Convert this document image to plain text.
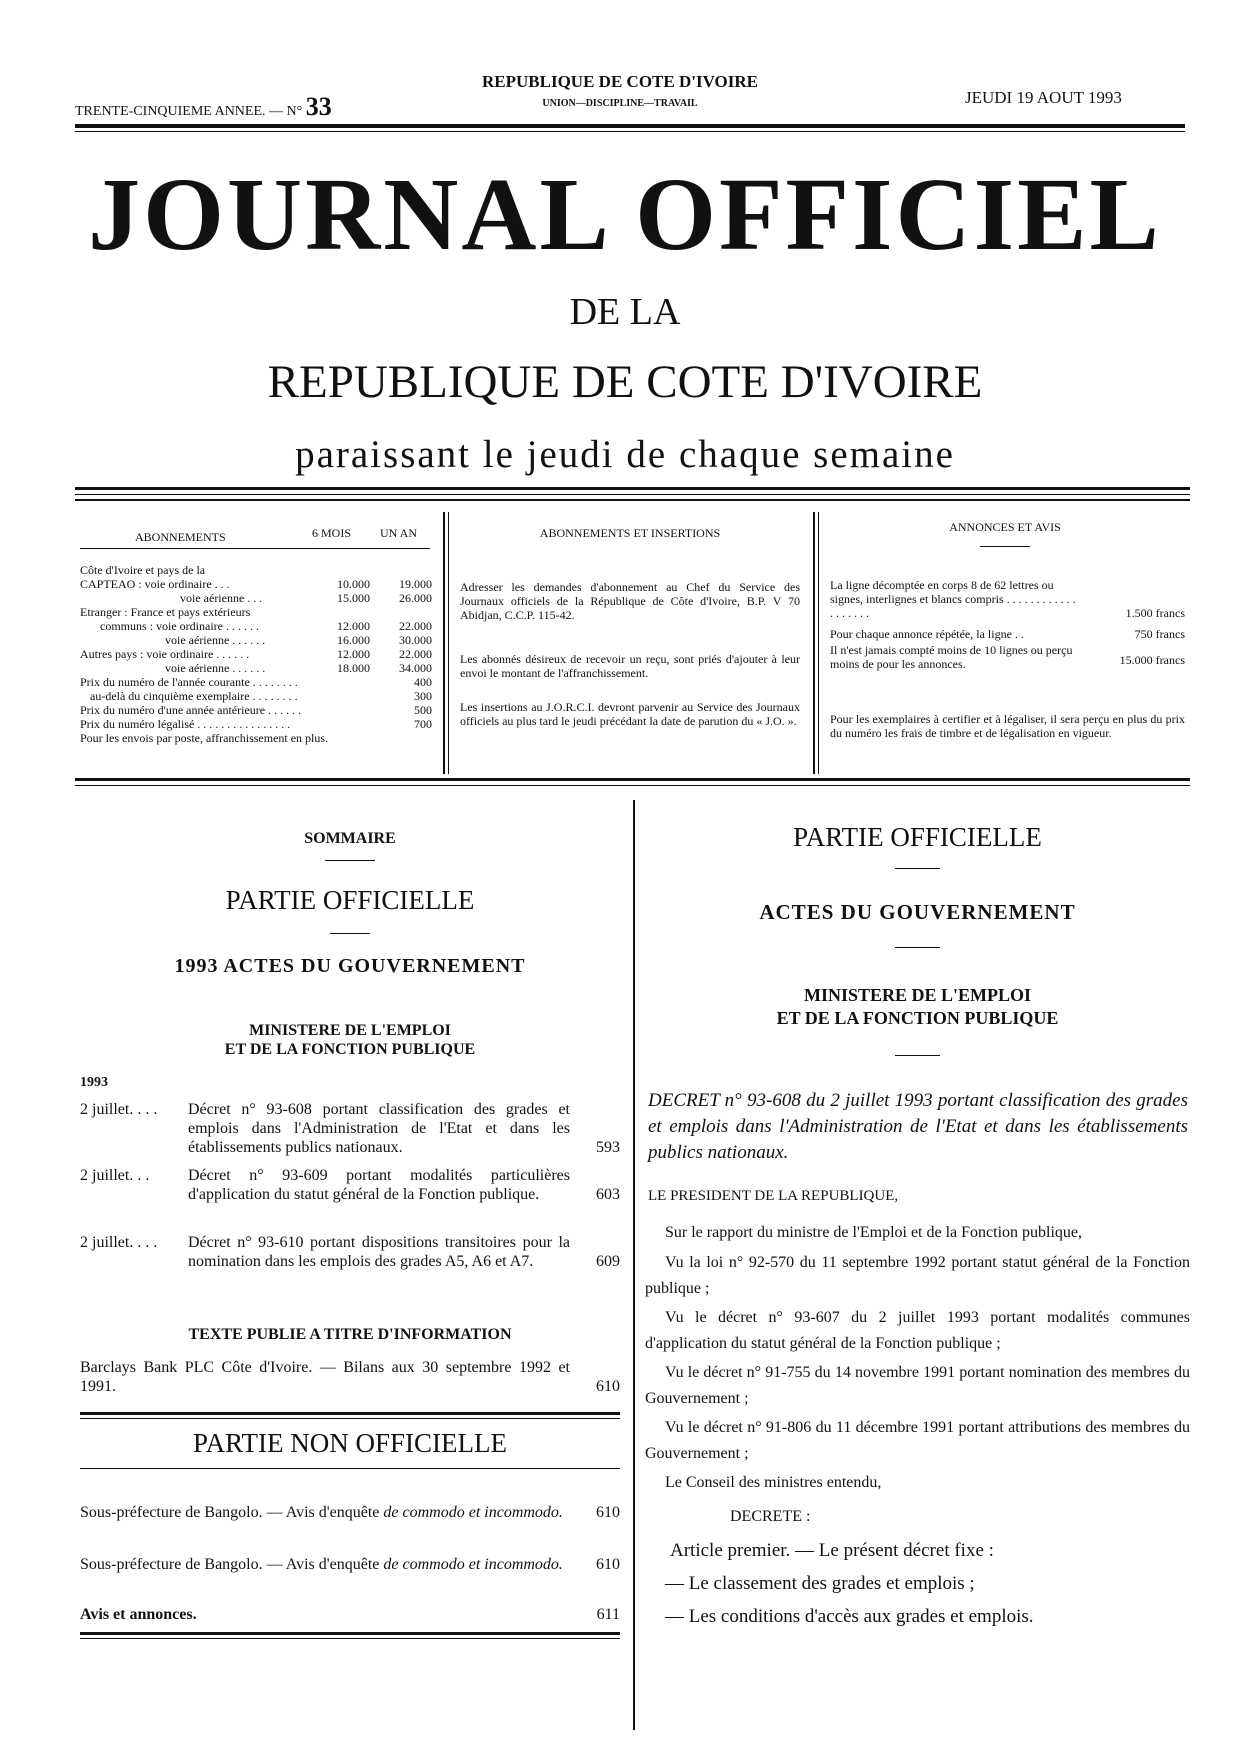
TRENTE-CINQUIEME ANNEE. — N° 33
REPUBLIQUE DE COTE D'IVOIRE
UNION—DISCIPLINE—TRAVAIL	JEUDI 19 AOUT 1993
JOURNAL OFFICIEL
DE LA
REPUBLIQUE DE COTE D'IVOIRE
paraissant le jeudi de chaque semaine
ABONNEMENTS	6 MOIS UN AN
Côte d'Ivoire et pays de la
CAPTEAO : voie ordinaire . . .	10.000	19.000
voie aérienne . . .	15.000	26.000
Etranger : France et pays extérieurs
communs : voie ordinaire . . . . . .	12.000	22.000
voie aérienne . . . . . .	16.000	30.000
Autres pays : voie ordinaire . . . . . .	12.000	22.000
voie aérienne . . . . . .	18.000	34.000
Prix du numéro de l'année courante . . . . . . . .	400
au-delà du cinquième exemplaire . . . . . . . .	300
Prix du numéro d'une année antérieure . . . . . .	500
Prix du numéro légalisé . . . . . . . . . . . . . . . .	700
Pour les envois par poste, affranchissement en plus.
ABONNEMENTS ET INSERTIONS
Adresser les demandes d'abonnement au Chef du Service des Journaux officiels de la République de Côte d'Ivoire, B.P. V 70 Abidjan, C.C.P. 115-42.
Les abonnés désireux de recevoir un reçu, sont priés d'ajouter à leur envoi le montant de l'affranchissement.
Les insertions au J.O.R.C.I. devront parvenir au Service des Journaux officiels au plus tard le jeudi précédant la date de parution du « J.O. ».
ANNONCES ET AVIS
La ligne décomptée en corps 8 de 62 lettres ou signes, interlignes et blancs compris . . . . . . . . . . . . . . . . . . .	1.500 francs
Pour chaque annonce répétée, la ligne . .	750 francs
Il n'est jamais compté moins de 10 lignes ou perçu moins de pour les annonces.	15.000 francs
Pour les exemplaires à certifier et à légaliser, il sera perçu en plus du prix du numéro les frais de timbre et de légalisation en vigueur.
SOMMAIRE
PARTIE OFFICIELLE
1993 ACTES DU GOUVERNEMENT
MINISTERE DE L'EMPLOI
ET DE LA FONCTION PUBLIQUE
1993
2 juillet. . . .	Décret n° 93-608 portant classification des grades et emplois dans l'Administration de l'Etat et dans les établissements publics nationaux.	593
2 juillet. . .	Décret n° 93-609 portant modalités particulières d'application du statut général de la Fonction publique.	603
2 juillet. . . .	Décret n° 93-610 portant dispositions transitoires pour la nomination dans les emplois des grades A5, A6 et A7.	609
TEXTE PUBLIE A TITRE D'INFORMATION
Barclays Bank PLC Côte d'Ivoire. — Bilans aux 30 septembre 1992 et 1991.	610
PARTIE NON OFFICIELLE
Sous-préfecture de Bangolo. — Avis d'enquête de commodo et incommodo.	610
Sous-préfecture de Bangolo. — Avis d'enquête de commodo et incommodo.	610
Avis et annonces.	611
PARTIE OFFICIELLE
ACTES DU GOUVERNEMENT
MINISTERE DE L'EMPLOI
ET DE LA FONCTION PUBLIQUE
DECRET n° 93-608 du 2 juillet 1993 portant classification des grades et emplois dans l'Administration de l'Etat et dans les établissements publics nationaux.
LE PRESIDENT DE LA REPUBLIQUE,
Sur le rapport du ministre de l'Emploi et de la Fonction publique,
Vu la loi n° 92-570 du 11 septembre 1992 portant statut général de la Fonction publique ;
Vu le décret n° 93-607 du 2 juillet 1993 portant modalités communes d'application du statut général de la Fonction publique ;
Vu le décret n° 91-755 du 14 novembre 1991 portant nomination des membres du Gouvernement ;
Vu le décret n° 91-806 du 11 décembre 1991 portant attributions des membres du Gouvernement ;
Le Conseil des ministres entendu,
DECRETE :
Article premier. — Le présent décret fixe :
— Le classement des grades et emplois ;
— Les conditions d'accès aux grades et emplois.
